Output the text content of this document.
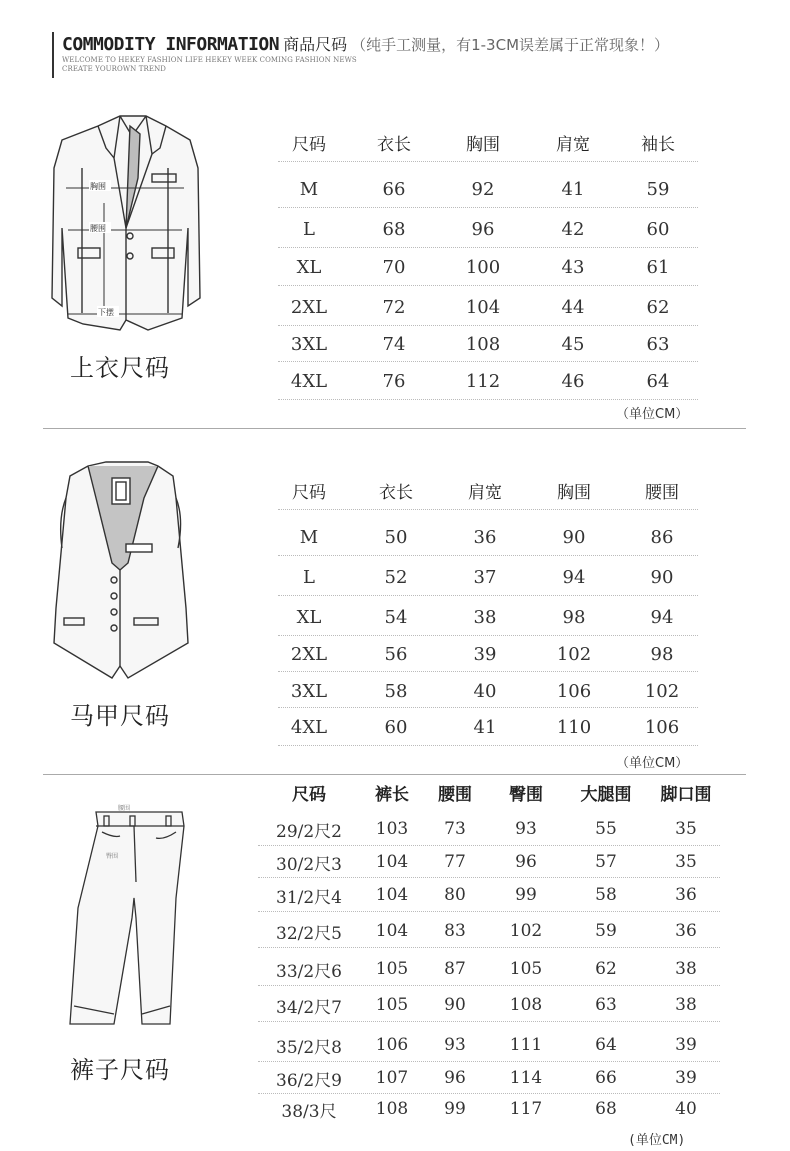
COMMODITY INFORMATION 商品尺码 （纯手工测量，有1-3CM误差属于正常现象！）
WELCOME TO HEKEY FASHION LIFE HEKEY WEEK COMING FASHION NEWS
CREATE YOUROWN TREND
胸围
腰围
下摆
上衣尺码
尺码	衣长	胸围	肩宽	袖长
M	66	92	41	59
L	68	96	42	60
XL	70	100	43	61
2XL	72	104	44	62
3XL	74	108	45	63
4XL	76	112	46	64
（单位CM）
马甲尺码
尺码	衣长	肩宽	胸围	腰围
M	50	36	90	86
L	52	37	94	90
XL	54	38	98	94
2XL	56	39	102	98
3XL	58	40	106	102
4XL	60	41	110	106
（单位CM）
腰围
臀围
裤子尺码
尺码	裤长	腰围	臀围	大腿围	脚口围
29/2尺2	103	73	93	55	35
30/2尺3	104	77	96	57	35
31/2尺4	104	80	99	58	36
32/2尺5	104	83	102	59	36
33/2尺6	105	87	105	62	38
34/2尺7	105	90	108	63	38
35/2尺8	106	93	111	64	39
36/2尺9	107	96	114	66	39
38/3尺	108	99	117	68	40
(单位CM)
